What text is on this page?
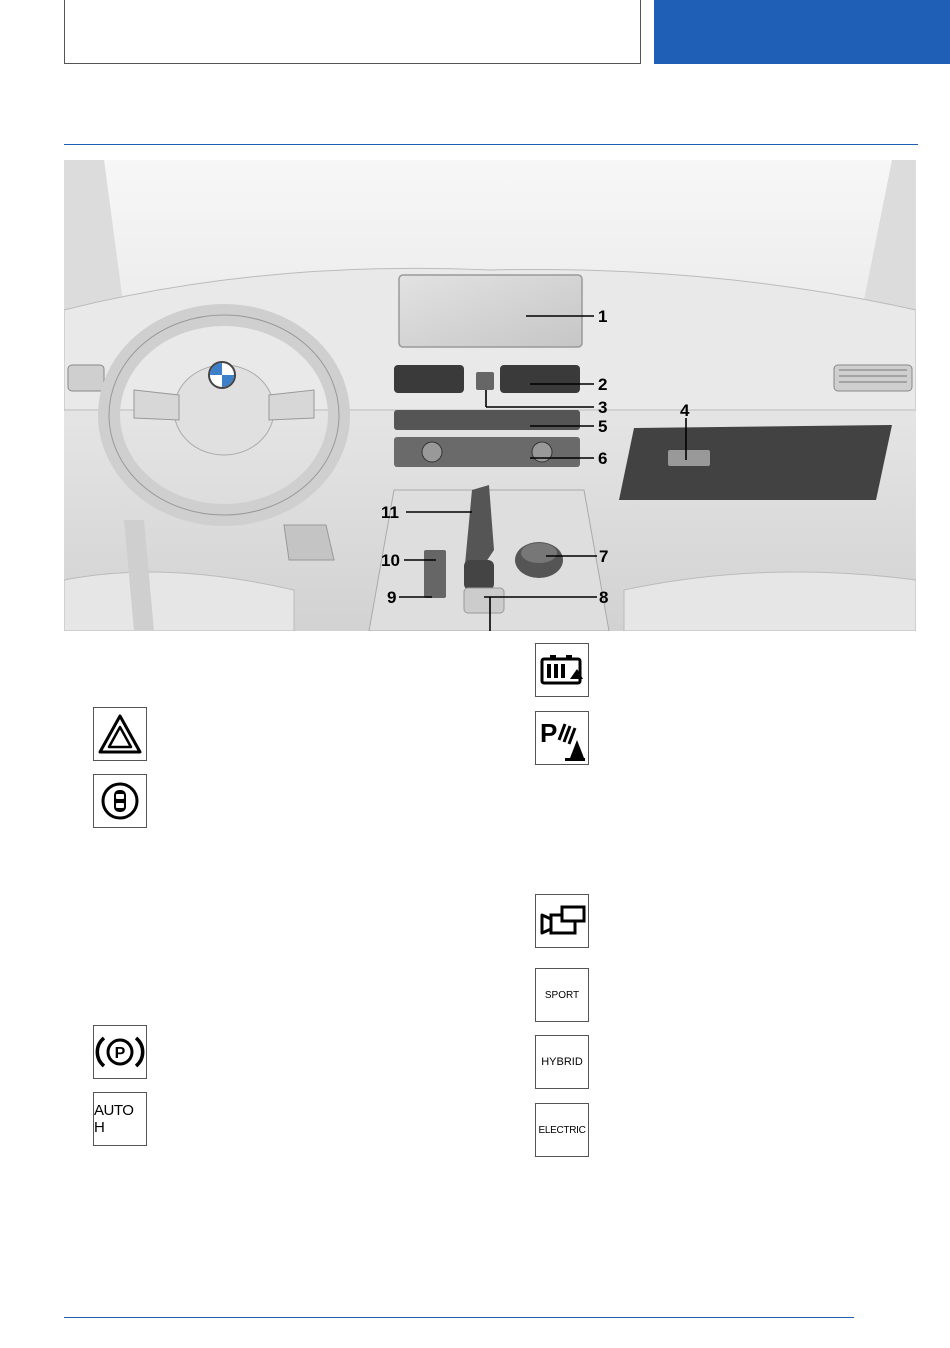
1
2
3	4
5
6
7
8
9
10
11
P
AUTO H
P
SPORT
HYBRID
ELECTRIC
